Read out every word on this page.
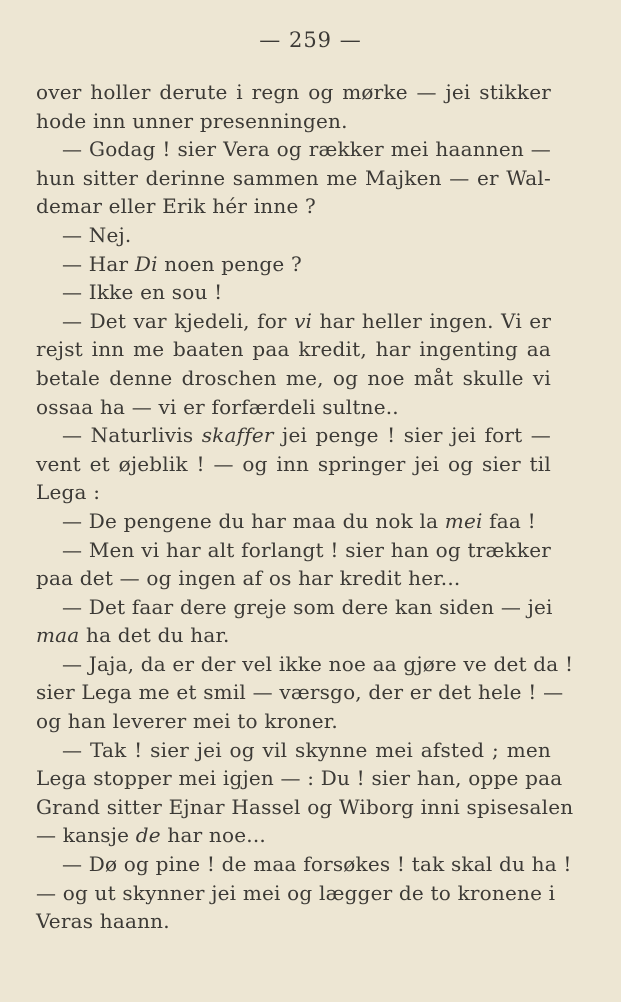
— 259 —
over holler derute i regn og mørke — jei stikker
hode inn unner presenningen.
— Godag ! sier Vera og rækker mei haannen —
hun sitter derinne sammen me Majken — er Wal-
demar eller Erik hér inne ?
— Nej.
— Har Di noen penge ?
— Ikke en sou !
— Det var kjedeli, for vi har heller ingen. Vi er
rejst inn me baaten paa kredit, har ingenting aa
betale denne droschen me, og noe måt skulle vi
ossaa ha — vi er forfærdeli sultne..
— Naturlivis skaffer jei penge ! sier jei fort —
vent et øjeblik ! — og inn springer jei og sier til
Lega :
— De pengene du har maa du nok la mei faa !
— Men vi har alt forlangt ! sier han og trækker
paa det — og ingen af os har kredit her...
— Det faar dere greje som dere kan siden — jei
maa ha det du har.
— Jaja, da er der vel ikke noe aa gjøre ve det da !
sier Lega me et smil — værsgo, der er det hele ! —
og han leverer mei to kroner.
— Tak ! sier jei og vil skynne mei afsted ; men
Lega stopper mei igjen — : Du ! sier han, oppe paa
Grand sitter Ejnar Hassel og Wiborg inni spisesalen
— kansje de har noe...
— Dø og pine ! de maa forsøkes ! tak skal du ha !
— og ut skynner jei mei og lægger de to kronene i
Veras haann.
